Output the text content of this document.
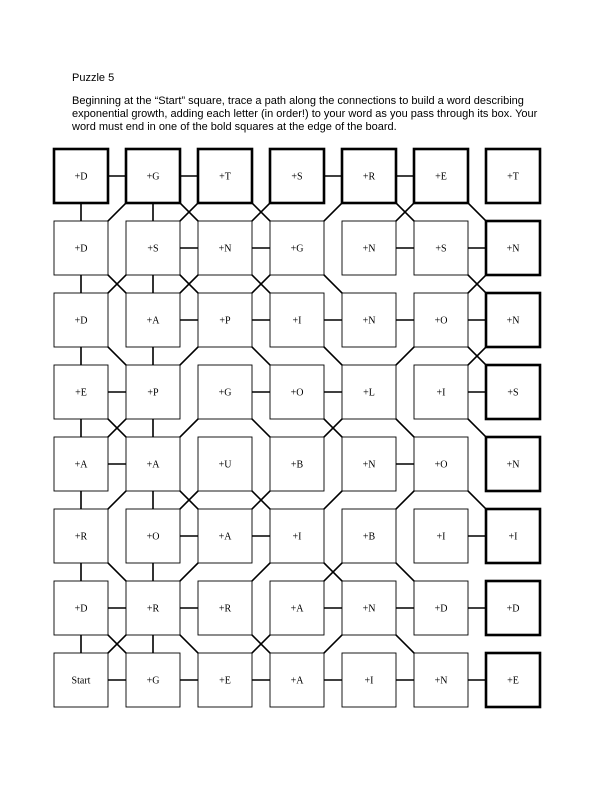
Puzzle 5

Beginning at the “Start” square, trace a path along the connections to build a word describing exponential growth, adding each letter (in order!) to your word as you pass through its box. Your word must end in one of the bold squares at the edge of the board.

+D	+G	+T	+S	+R	+E	+T
+D	+S	+N	+G	+N	+S	+N
+D	+A	+P	+I	+N	+O	+N
+E	+P	+G	+O	+L	+I	+S
+A	+A	+U	+B	+N	+O	+N
+R	+O	+A	+I	+B	+I	+I
+D	+R	+R	+A	+N	+D	+D
Start	+G	+E	+A	+I	+N	+E
